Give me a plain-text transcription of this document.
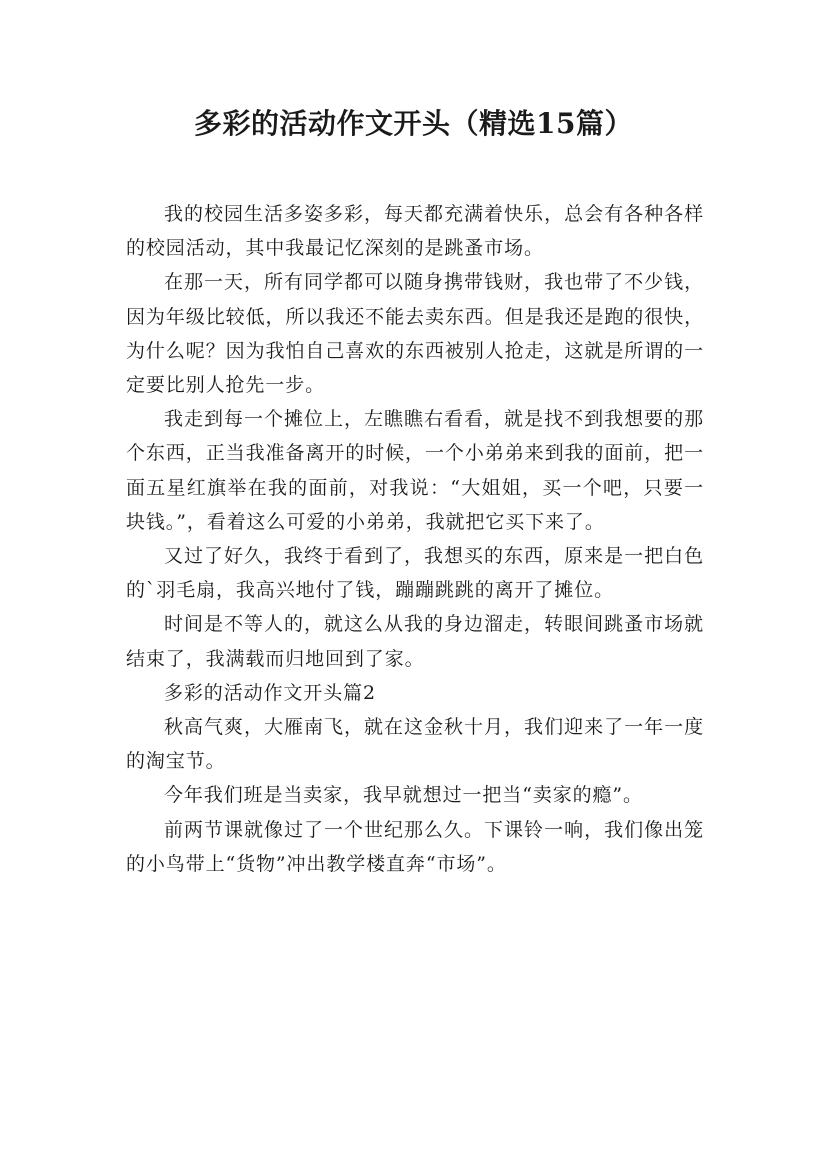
多彩的活动作文开头（精选15篇）

我的校园生活多姿多彩，每天都充满着快乐，总会有各种各样的校园活动，其中我最记忆深刻的是跳蚤市场。

在那一天，所有同学都可以随身携带钱财，我也带了不少钱，因为年级比较低，所以我还不能去卖东西。但是我还是跑的很快，为什么呢？因为我怕自己喜欢的东西被别人抢走，这就是所谓的一定要比别人抢先一步。

我走到每一个摊位上，左瞧瞧右看看，就是找不到我想要的那个东西，正当我准备离开的时候，一个小弟弟来到我的面前，把一面五星红旗举在我的面前，对我说：“大姐姐，买一个吧，只要一块钱。”，看着这么可爱的小弟弟，我就把它买下来了。

又过了好久，我终于看到了，我想买的东西，原来是一把白色的`羽毛扇，我高兴地付了钱，蹦蹦跳跳的离开了摊位。

时间是不等人的，就这么从我的身边溜走，转眼间跳蚤市场就结束了，我满载而归地回到了家。

多彩的活动作文开头篇2

秋高气爽，大雁南飞，就在这金秋十月，我们迎来了一年一度的淘宝节。

今年我们班是当卖家，我早就想过一把当“卖家的瘾”。

前两节课就像过了一个世纪那么久。下课铃一响，我们像出笼的小鸟带上“货物”冲出教学楼直奔“市场”。
